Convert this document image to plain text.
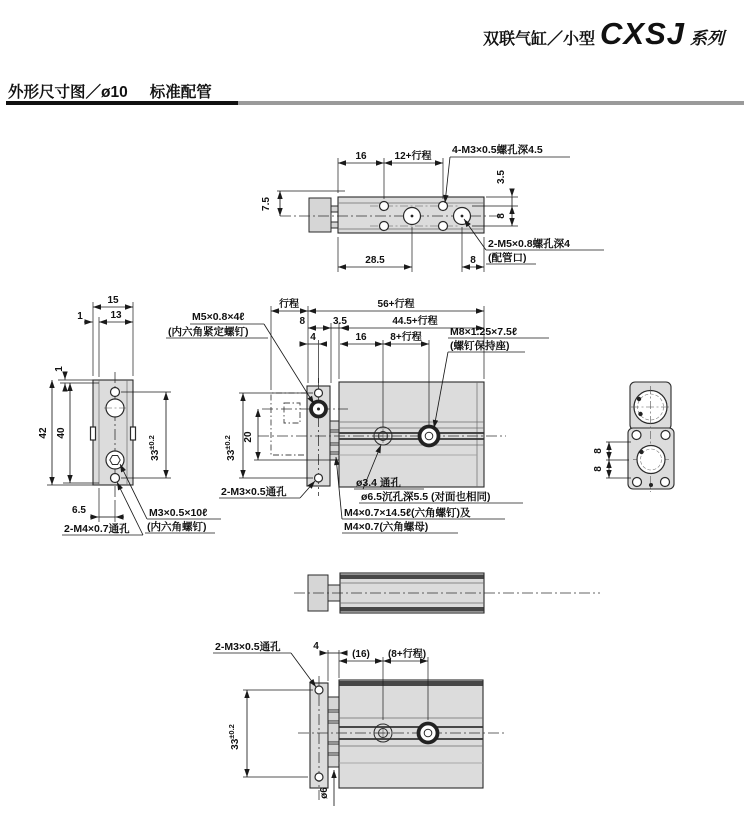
双联气缸／小型 CXSJ 系列
外形尺寸图／ø10 标准配管
16	12+行程
4-M3×0.5螺孔深4.5
3.5
8
28.5	8
7.5
2-M5×0.8螺孔深4
(配管口)
15
1	13
1
42 40
$33^{\pm 0.2}$
6.5
2-M4×0.7通孔
M3×0.5×10ℓ
(内六角螺钉)
行程	56+行程
8	3.5	44.5+行程
4	16 8+行程
$33^{\pm 0.2}$	20
M5×0.8×4ℓ
(内六角紧定螺钉)	M8×1.25×7.5ℓ
(螺钉保持座)
2-M3×0.5通孔
ø3.4 通孔
ø6.5沉孔深5.5 (对面也相同)
M4×0.7×14.5ℓ(六角螺钉)及
M4×0.7(六角螺母)
8
8
(16) (8+行程)
4
2-M3×0.5通孔
$33^{\pm 0.2}$
ø6
